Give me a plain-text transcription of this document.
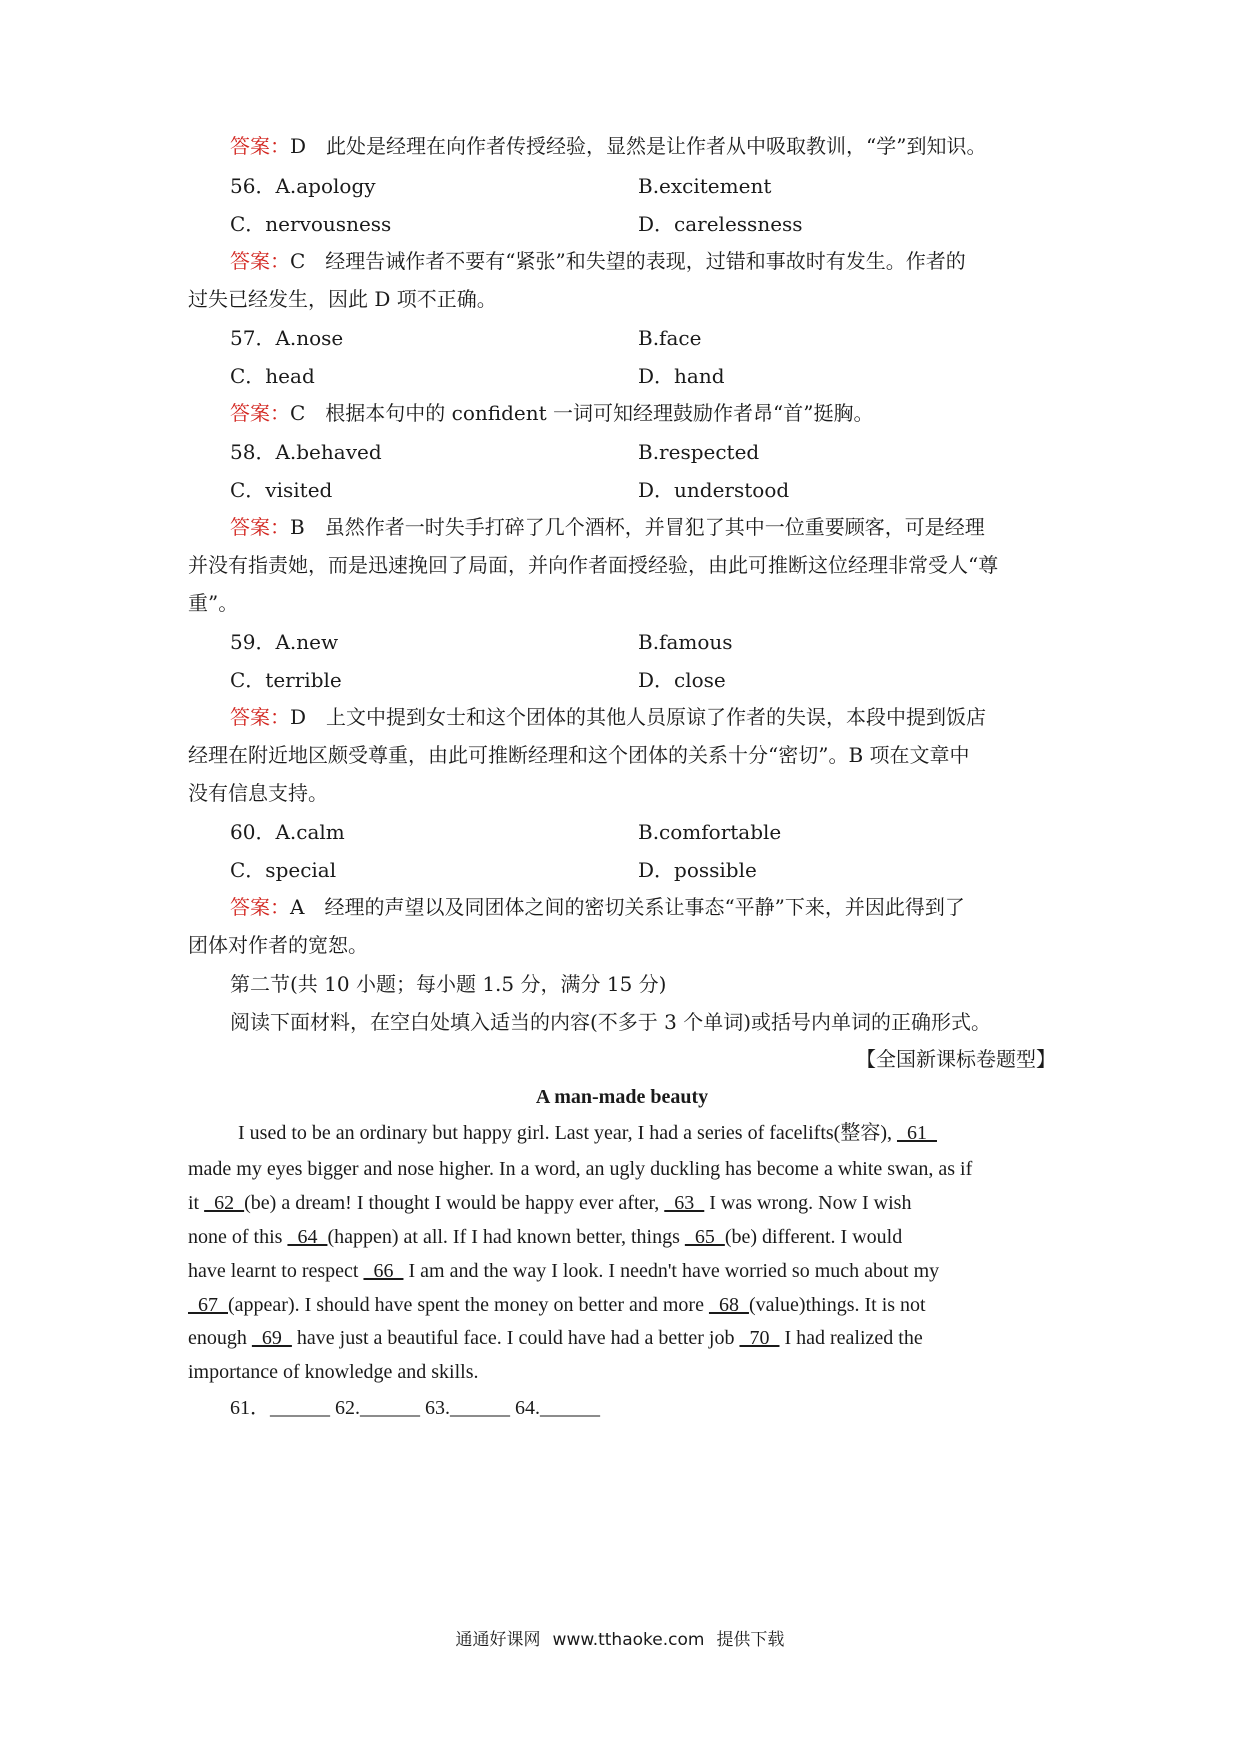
答案：D　此处是经理在向作者传授经验，显然是让作者从中吸取教训，“学”到知识。
56．A.apology	B.excitement
C．nervousness	D．carelessness
答案：C　经理告诫作者不要有“紧张”和失望的表现，过错和事故时有发生。作者的
过失已经发生，因此 D 项不正确。
57．A.nose	B.face
C．head	D．hand
答案：C　根据本句中的 confident 一词可知经理鼓励作者昂“首”挺胸。
58．A.behaved	B.respected
C．visited	D．understood
答案：B　虽然作者一时失手打碎了几个酒杯，并冒犯了其中一位重要顾客，可是经理
并没有指责她，而是迅速挽回了局面，并向作者面授经验，由此可推断这位经理非常受人“尊
重”。
59．A.new	B.famous
C．terrible	D．close
答案：D　上文中提到女士和这个团体的其他人员原谅了作者的失误，本段中提到饭店
经理在附近地区颇受尊重，由此可推断经理和这个团体的关系十分“密切”。B 项在文章中
没有信息支持。
60．A.calm	B.comfortable
C．special	D．possible
答案：A　经理的声望以及同团体之间的密切关系让事态“平静”下来，并因此得到了
团体对作者的宽恕。
第二节(共 10 小题；每小题 1.5 分，满分 15 分)
阅读下面材料，在空白处填入适当的内容(不多于 3 个单词)或括号内单词的正确形式。
【全国新课标卷题型】
A man-made beauty
I used to be an ordinary but happy girl. Last year, I had a series of facelifts(整容),   61
made my eyes bigger and nose higher. In a word, an ugly duckling has become a white swan, as if
it   62  (be) a dream! I thought I would be happy ever after,   63   I was wrong. Now I wish
none of this   64  (happen) at all. If I had known better, things   65  (be) different. I would
have learnt to respect   66   I am and the way I look. I needn't have worried so much about my
67  (appear). I should have spent the money on better and more   68  (value)things. It is not
enough   69   have just a beautiful face. I could have had a better job   70   I had realized the
importance of knowledge and skills.
61．______ 62.______ 63.______ 64.______
通通好课网 www.tthaoke.com 提供下载
